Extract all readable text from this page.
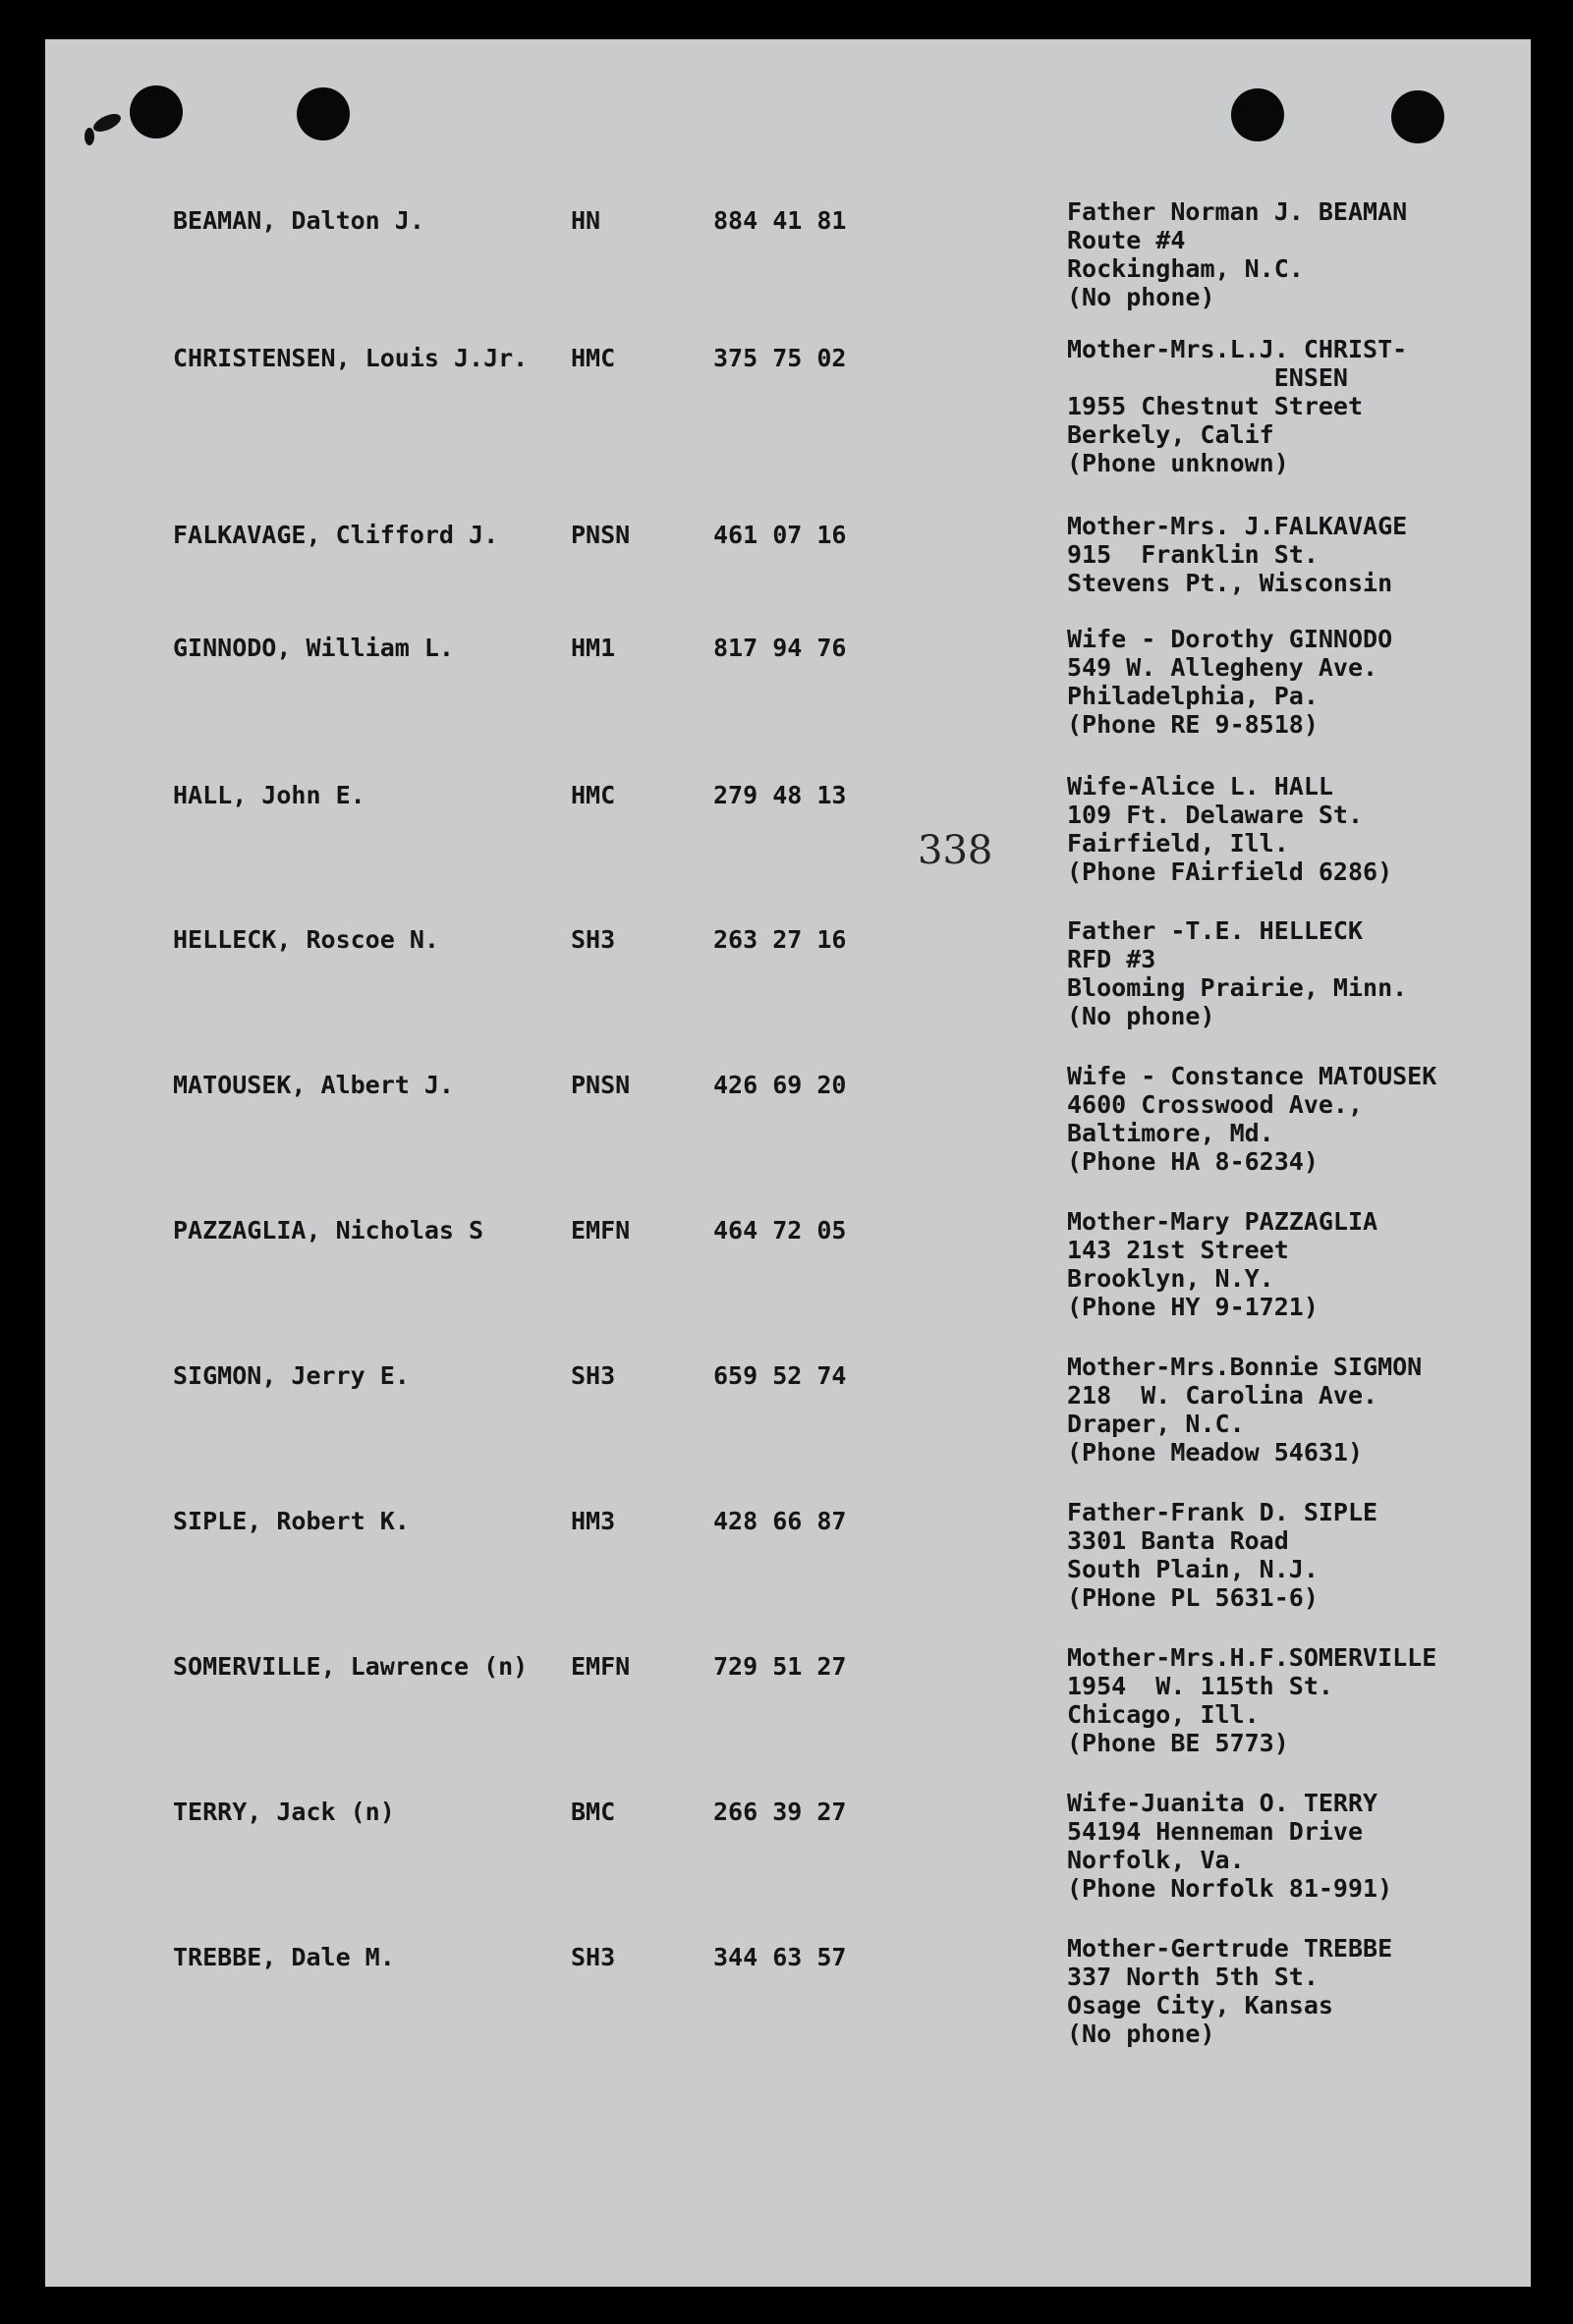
338
BEAMAN, Dalton J.	HN	884 41 81	Father Norman J. BEAMAN
Route #4
Rockingham, N.C.
(No phone)
CHRISTENSEN, Louis J.Jr. HMC	375 75 02	Mother-Mrs.L.J. CHRIST-
ENSEN
1955 Chestnut Street
Berkely, Calif
(Phone unknown)
FALKAVAGE, Clifford J.	PNSN	461 07 16	Mother-Mrs. J.FALKAVAGE
915  Franklin St.
Stevens Pt., Wisconsin
GINNODO, William L.	HM1	817 94 76	Wife - Dorothy GINNODO
549 W. Allegheny Ave.
Philadelphia, Pa.
(Phone RE 9-8518)
HALL, John E.	HMC	279 48 13	Wife-Alice L. HALL
109 Ft. Delaware St.
Fairfield, Ill.
(Phone FAirfield 6286)
HELLECK, Roscoe N.	SH3	263 27 16	Father -T.E. HELLECK
RFD #3
Blooming Prairie, Minn.
(No phone)
MATOUSEK, Albert J.	PNSN	426 69 20	Wife - Constance MATOUSEK
4600 Crosswood Ave.,
Baltimore, Md.
(Phone HA 8-6234)
PAZZAGLIA, Nicholas S	EMFN	464 72 05	Mother-Mary PAZZAGLIA
143 21st Street
Brooklyn, N.Y.
(Phone HY 9-1721)
SIGMON, Jerry E.	SH3	659 52 74	Mother-Mrs.Bonnie SIGMON
218  W. Carolina Ave.
Draper, N.C.
(Phone Meadow 54631)
SIPLE, Robert K.	HM3	428 66 87	Father-Frank D. SIPLE
3301 Banta Road
South Plain, N.J.
(PHone PL 5631-6)
SOMERVILLE, Lawrence (n) EMFN	729 51 27	Mother-Mrs.H.F.SOMERVILLE
1954  W. 115th St.
Chicago, Ill.
(Phone BE 5773)
TERRY, Jack (n)	BMC	266 39 27	Wife-Juanita O. TERRY
54194 Henneman Drive
Norfolk, Va.
(Phone Norfolk 81-991)
TREBBE, Dale M.	SH3	344 63 57	Mother-Gertrude TREBBE
337 North 5th St.
Osage City, Kansas
(No phone)
